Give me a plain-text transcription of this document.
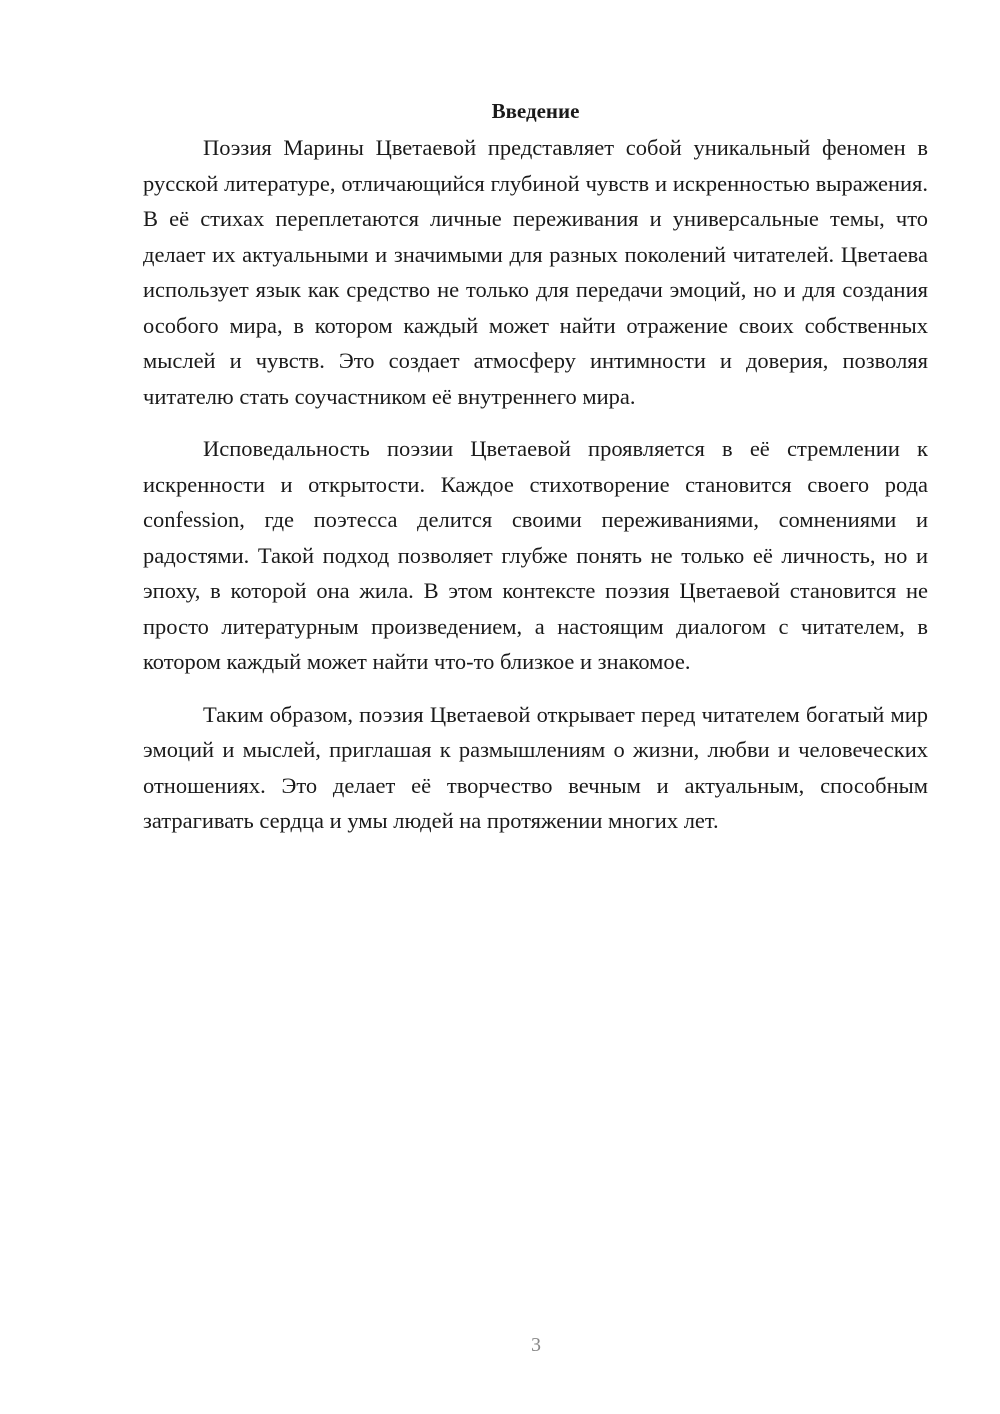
Введение

Поэзия Марины Цветаевой представляет собой уникальный феномен в русской литературе, отличающийся глубиной чувств и искренностью выражения. В её стихах переплетаются личные переживания и универсальные темы, что делает их актуальными и значимыми для разных поколений читателей. Цветаева использует язык как средство не только для передачи эмоций, но и для создания особого мира, в котором каждый может найти отражение своих собственных мыслей и чувств. Это создает атмосферу интимности и доверия, позволяя читателю стать соучастником её внутреннего мира.

Исповедальность поэзии Цветаевой проявляется в её стремлении к искренности и открытости. Каждое стихотворение становится своего рода confession, где поэтесса делится своими переживаниями, сомнениями и радостями. Такой подход позволяет глубже понять не только её личность, но и эпоху, в которой она жила. В этом контексте поэзия Цветаевой становится не просто литературным произведением, а настоящим диалогом с читателем, в котором каждый может найти что-то близкое и знакомое.

Таким образом, поэзия Цветаевой открывает перед читателем богатый мир эмоций и мыслей, приглашая к размышлениям о жизни, любви и человеческих отношениях. Это делает её творчество вечным и актуальным, способным затрагивать сердца и умы людей на протяжении многих лет.

3
